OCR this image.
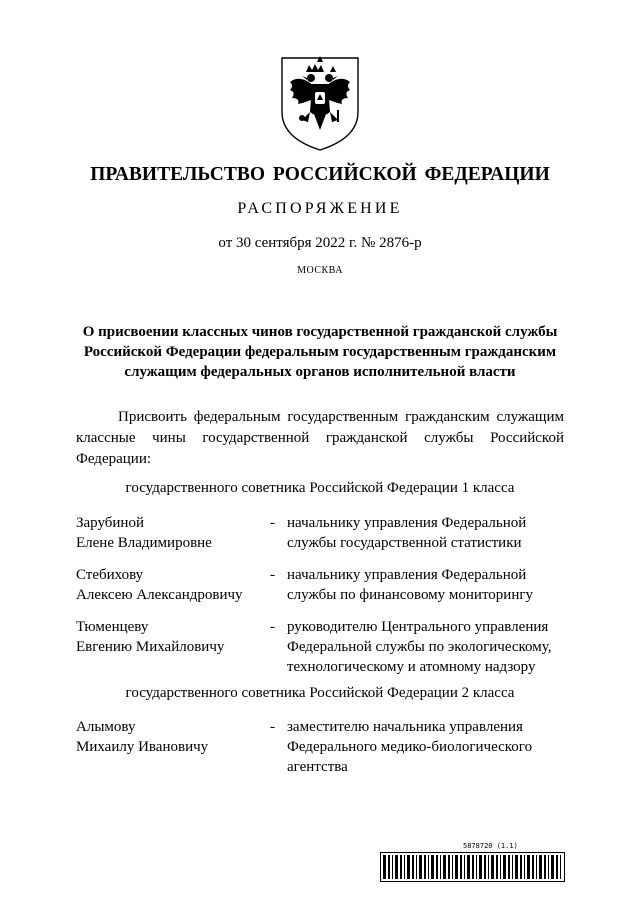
ПРАВИТЕЛЬСТВО РОССИЙСКОЙ ФЕДЕРАЦИИ
РАСПОРЯЖЕНИЕ
от 30 сентября 2022 г. № 2876-р
МОСКВА
О присвоении классных чинов государственной гражданской службы
Российской Федерации федеральным государственным гражданским
служащим федеральных органов исполнительной власти
Присвоить федеральным государственным гражданским служащим классные чины государственной гражданской службы Российской Федерации:
государственного советника Российской Федерации 1 класса
Зарубиной
Елене Владимировне
- начальнику управления Федеральной
службы государственной статистики
Стебихову
Алексею Александровичу
- начальнику управления Федеральной
службы по финансовому мониторингу
Тюменцеву
Евгению Михайловичу
- руководителю Центрального управления
Федеральной службы по экологическому,
технологическому и атомному надзору
государственного советника Российской Федерации 2 класса
Алымову
Михаилу Ивановичу
- заместителю начальника управления
Федерального медико-биологического
агентства
5878720 (1.1)
